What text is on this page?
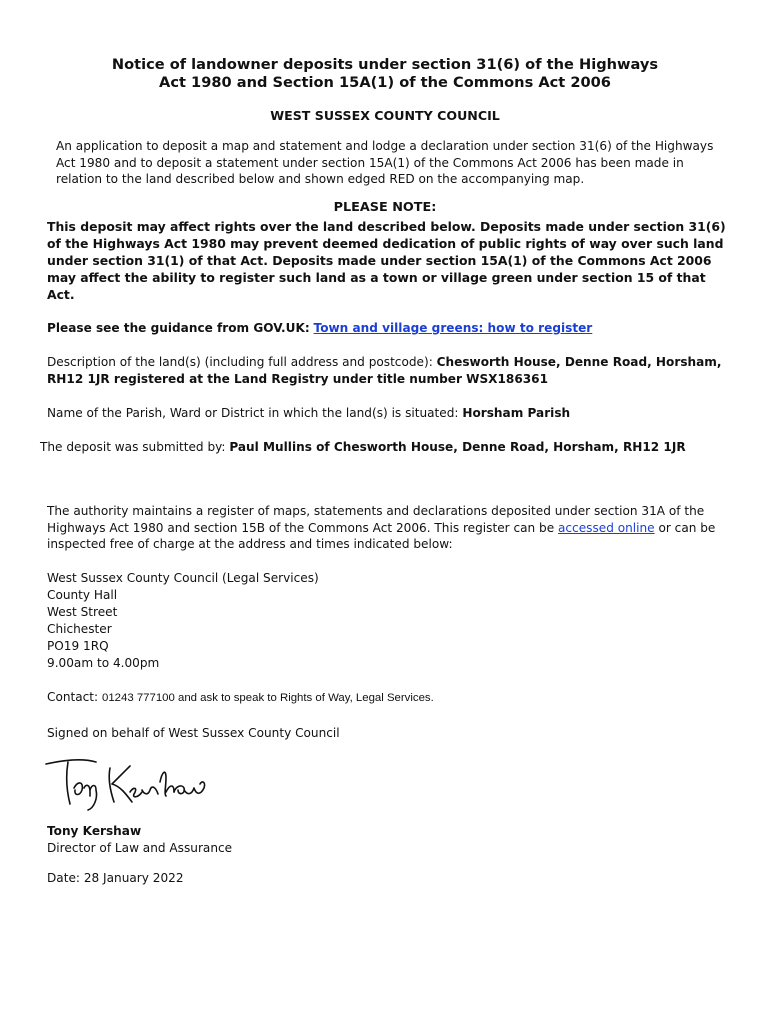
Notice of landowner deposits under section 31(6) of the Highways
Act 1980 and Section 15A(1) of the Commons Act 2006
WEST SUSSEX COUNTY COUNCIL
An application to deposit a map and statement and lodge a declaration under section 31(6) of the Highways Act 1980 and to deposit a statement under section 15A(1) of the Commons Act 2006 has been made in relation to the land described below and shown edged RED on the accompanying map.
PLEASE NOTE:
This deposit may affect rights over the land described below. Deposits made under section 31(6) of the Highways Act 1980 may prevent deemed dedication of public rights of way over such land under section 31(1) of that Act. Deposits made under section 15A(1) of the Commons Act 2006 may affect the ability to register such land as a town or village green under section 15 of that Act.
Please see the guidance from GOV.UK: Town and village greens: how to register
Description of the land(s) (including full address and postcode): Chesworth House, Denne Road, Horsham, RH12 1JR registered at the Land Registry under title number WSX186361
Name of the Parish, Ward or District in which the land(s) is situated: Horsham Parish
The deposit was submitted by: Paul Mullins of Chesworth House, Denne Road, Horsham, RH12 1JR
The authority maintains a register of maps, statements and declarations deposited under section 31A of the Highways Act 1980 and section 15B of the Commons Act 2006. This register can be accessed online or can be inspected free of charge at the address and times indicated below:
West Sussex County Council (Legal Services)
County Hall
West Street
Chichester
PO19 1RQ
9.00am to 4.00pm
Contact: 01243 777100 and ask to speak to Rights of Way, Legal Services.
Signed on behalf of West Sussex County Council
Tony Kershaw
Director of Law and Assurance
Date: 28 January 2022
